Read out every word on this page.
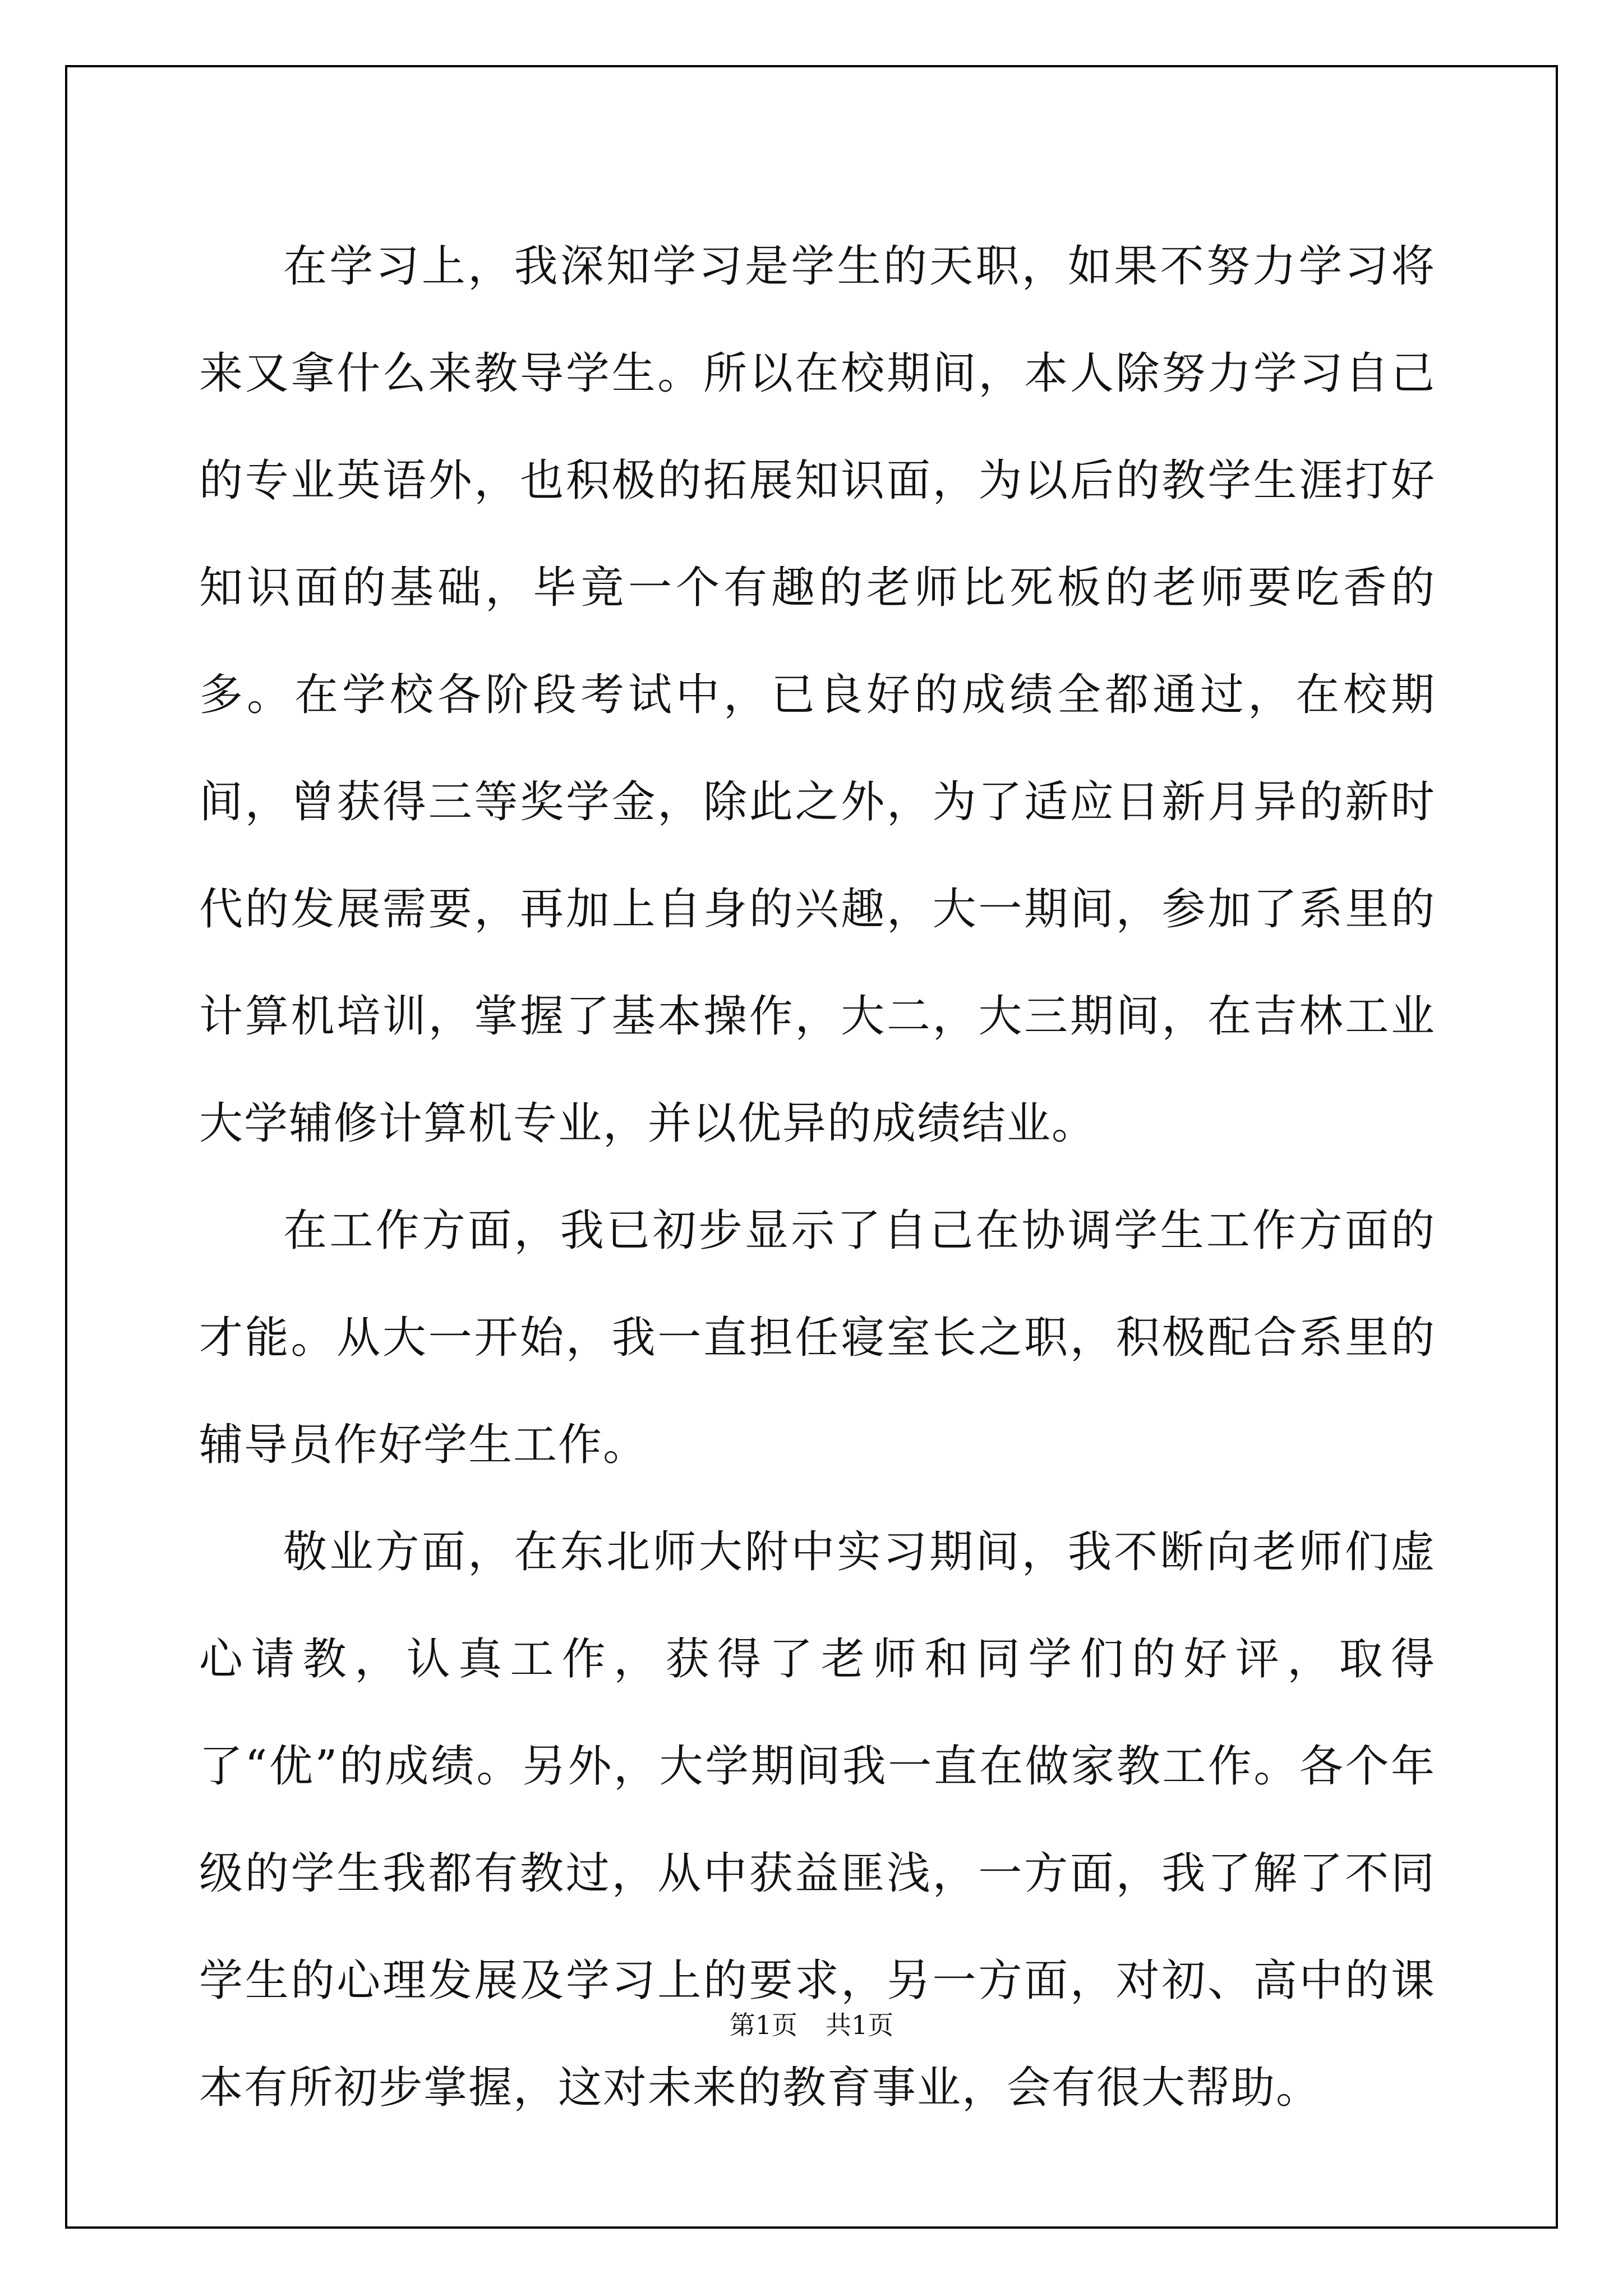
在学习上，我深知学习是学生的天职，如果不努力学习将来又拿什么来教导学生。所以在校期间，本人除努力学习自己的专业英语外，也积极的拓展知识面，为以后的教学生涯打好知识面的基础，毕竟一个有趣的老师比死板的老师要吃香的多。在学校各阶段考试中，已良好的成绩全都通过，在校期间，曾获得三等奖学金，除此之外，为了适应日新月异的新时代的发展需要，再加上自身的兴趣，大一期间，参加了系里的计算机培训，掌握了基本操作，大二，大三期间，在吉林工业大学辅修计算机专业，并以优异的成绩结业。

在工作方面，我已初步显示了自己在协调学生工作方面的才能。从大一开始，我一直担任寝室长之职，积极配合系里的辅导员作好学生工作。

敬业方面，在东北师大附中实习期间，我不断向老师们虚心请教，认真工作，获得了老师和同学们的好评，取得了“优”的成绩。另外，大学期间我一直在做家教工作。各个年级的学生我都有教过，从中获益匪浅，一方面，我了解了不同学生的心理发展及学习上的要求，另一方面，对初、高中的课本有所初步掌握，这对未来的教育事业，会有很大帮助。

第1页 共1页
